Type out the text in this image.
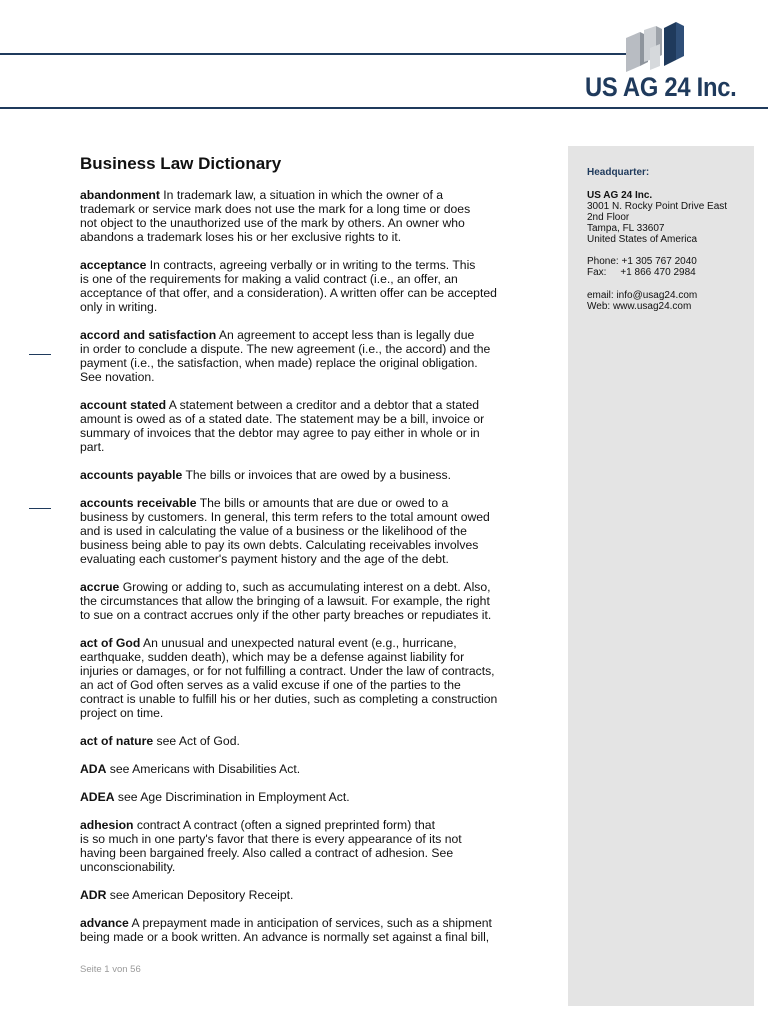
US AG 24 Inc.
Headquarter:
US AG 24 Inc.
3001 N. Rocky Point Drive East
2nd Floor
Tampa, FL 33607
United States of America
Phone: +1 305 767 2040
Fax:     +1 866 470 2984
email: info@usag24.com
Web: www.usag24.com
Business Law Dictionary
abandonment In trademark law, a situation in which the owner of a
trademark or service mark does not use the mark for a long time or does
not object to the unauthorized use of the mark by others. An owner who
abandons a trademark loses his or her exclusive rights to it.
acceptance In contracts, agreeing verbally or in writing to the terms. This
is one of the requirements for making a valid contract (i.e., an offer, an
acceptance of that offer, and a consideration). A written offer can be accepted
only in writing.
accord and satisfaction An agreement to accept less than is legally due
in order to conclude a dispute. The new agreement (i.e., the accord) and the
payment (i.e., the satisfaction, when made) replace the original obligation.
See novation.
account stated A statement between a creditor and a debtor that a stated
amount is owed as of a stated date. The statement may be a bill, invoice or
summary of invoices that the debtor may agree to pay either in whole or in
part.
accounts payable The bills or invoices that are owed by a business.
accounts receivable The bills or amounts that are due or owed to a
business by customers. In general, this term refers to the total amount owed
and is used in calculating the value of a business or the likelihood of the
business being able to pay its own debts. Calculating receivables involves
evaluating each customer's payment history and the age of the debt.
accrue Growing or adding to, such as accumulating interest on a debt. Also,
the circumstances that allow the bringing of a lawsuit. For example, the right
to sue on a contract accrues only if the other party breaches or repudiates it.
act of God An unusual and unexpected natural event (e.g., hurricane,
earthquake, sudden death), which may be a defense against liability for
injuries or damages, or for not fulfilling a contract. Under the law of contracts,
an act of God often serves as a valid excuse if one of the parties to the
contract is unable to fulfill his or her duties, such as completing a construction
project on time.
act of nature see Act of God.
ADA see Americans with Disabilities Act.
ADEA see Age Discrimination in Employment Act.
adhesion contract A contract (often a signed preprinted form) that
is so much in one party's favor that there is every appearance of its not
having been bargained freely. Also called a contract of adhesion. See
unconscionability.
ADR see American Depository Receipt.
advance A prepayment made in anticipation of services, such as a shipment
being made or a book written. An advance is normally set against a final bill,
Seite 1 von 56
